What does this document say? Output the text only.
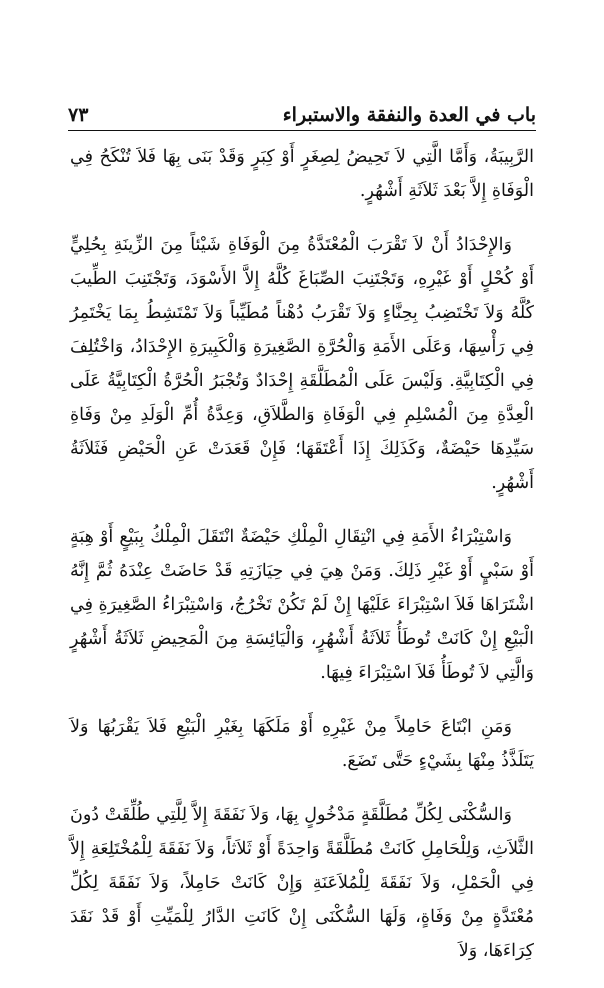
باب في العدة والنفقة والاستبراء
٧٣

الرَّبِيبَةُ، وَأَمَّا الَّتِي لاَ تَحِيضُ لِصِغَرٍ أَوْ كِبَرٍ وَقَدْ بَنَى بِهَا فَلاَ تُنْكَحُ فِي الْوَفَاةِ إِلاَّ بَعْدَ ثَلاَثَةِ أَشْهُرٍ.

وَالإِحْدَادُ أَنْ لاَ تَقْرَبَ الْمُعْتَدَّةُ مِنَ الْوَفَاةِ شَيْئاً مِنَ الزِّينَةِ بِحُلِيٍّ أَوْ كُحْلٍ أَوْ غَيْرِهِ، وَتَجْتَنِبَ الصِّبَاغَ كُلَّهُ إِلاَّ الأَسْوَدَ، وَتَجْتَنِبَ الطِّيبَ كُلَّهُ وَلاَ تَخْتَضِبُ بِحِنَّاءٍ وَلاَ تَقْرَبُ دُهْناً مُطَيِّباً وَلاَ تَمْتَشِطُ بِمَا يَخْتَمِرُ فِي رَأْسِهَا، وَعَلَى الأَمَةِ وَالْحُرَّةِ الصَّغِيرَةِ وَالْكَبِيرَةِ الإِحْدَادُ، وَاخْتُلِفَ فِي الْكِتَابِيَّةِ. وَلَيْسَ عَلَى الْمُطَلَّقَةِ إِحْدَادٌ وَتُجْبَرُ الْحُرَّةُ الْكِتَابِيَّةُ عَلَى الْعِدَّةِ مِنَ الْمُسْلِمِ فِي الْوَفَاةِ وَالطَّلاَقِ، وَعِدَّةُ أُمِّ الْوَلَدِ مِنْ وَفَاةِ سَيِّدِهَا حَيْضَةٌ، وَكَذَلِكَ إِذَا أَعْتَقَهَا؛ فَإِنْ قَعَدَتْ عَنِ الْحَيْضِ فَثَلاَثَةُ أَشْهُرٍ.

وَاسْتِبْرَاءُ الأَمَةِ فِي انْتِقَالِ الْمِلْكِ حَيْضَةٌ انْتَقَلَ الْمِلْكُ بِبَيْعٍ أَوْ هِبَةٍ أَوْ سَبْيٍ أَوْ غَيْرِ ذَلِكَ. وَمَنْ هِيَ فِي حِيَازَتِهِ قَدْ حَاضَتْ عِنْدَهُ ثُمَّ إِنَّهُ اشْتَرَاهَا فَلاَ اسْتِبْرَاءَ عَلَيْهَا إِنْ لَمْ تَكُنْ تَخْرُجُ، وَاسْتِبْرَاءُ الصَّغِيرَةِ فِي الْبَيْعِ إِنْ كَانَتْ تُوطَأُ ثَلاَثَةُ أَشْهُرٍ، وَالْيَائِسَةِ مِنَ الْمَحِيضِ ثَلاَثَةُ أَشْهُرٍ وَالَّتِي لاَ تُوطَأُ فَلاَ اسْتِبْرَاءَ فِيهَا.

وَمَنِ ابْتَاعَ حَامِلاً مِنْ غَيْرِهِ أَوْ مَلَكَهَا بِغَيْرِ الْبَيْعِ فَلاَ يَقْرَبُهَا وَلاَ يَتَلَذَّذُ مِنْهَا بِشَيْءٍ حَتَّى تَضَعَ.

وَالسُّكْنَى لِكُلِّ مُطَلَّقَةٍ مَدْخُولٍ بِهَا، وَلاَ نَفَقَةَ إِلاَّ لِلَّتِي طُلِّقَتْ دُونَ الثَّلاَثِ، وَلِلْحَامِلِ كَانَتْ مُطَلَّقَةً وَاحِدَةً أَوْ ثَلاَثاً، وَلاَ نَفَقَةَ لِلْمُخْتَلِعَةِ إِلاَّ فِي الْحَمْلِ، وَلاَ نَفَقَةَ لِلْمُلاَعَنَةِ وَإِنْ كَانَتْ حَامِلاً، وَلاَ نَفَقَةَ لِكُلِّ مُعْتَدَّةٍ مِنْ وَفَاةٍ، وَلَهَا السُّكْنَى إِنْ كَانَتِ الدَّارُ لِلْمَيِّتِ أَوْ قَدْ نَقَدَ كِرَاءَهَا، وَلاَ
